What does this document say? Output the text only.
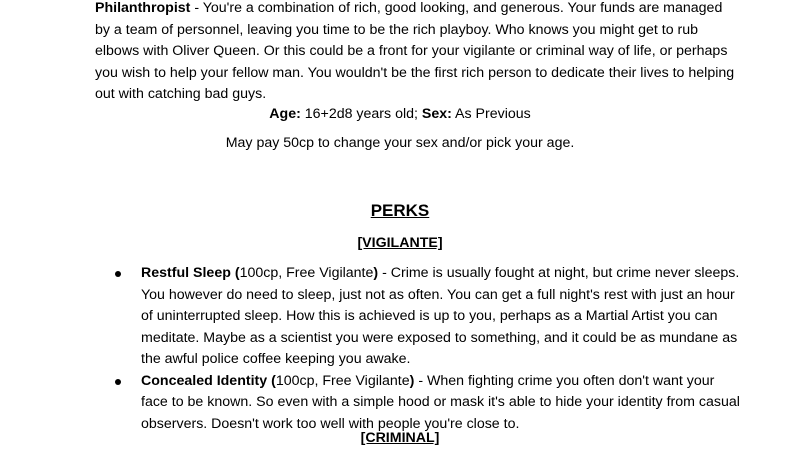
Philanthropist - You're a combination of rich, good looking, and generous. Your funds are managed by a team of personnel, leaving you time to be the rich playboy. Who knows you might get to rub elbows with Oliver Queen. Or this could be a front for your vigilante or criminal way of life, or perhaps you wish to help your fellow man. You wouldn't be the first rich person to dedicate their lives to helping out with catching bad guys.

Age: 16+2d8 years old; Sex: As Previous

May pay 50cp to change your sex and/or pick your age.

PERKS

[VIGILANTE]

Restful Sleep (100cp, Free Vigilante) - Crime is usually fought at night, but crime never sleeps. You however do need to sleep, just not as often. You can get a full night's rest with just an hour of uninterrupted sleep. How this is achieved is up to you, perhaps as a Martial Artist you can meditate. Maybe as a scientist you were exposed to something, and it could be as mundane as the awful police coffee keeping you awake.
Concealed Identity (100cp, Free Vigilante) - When fighting crime you often don't want your face to be known. So even with a simple hood or mask it's able to hide your identity from casual observers. Doesn't work too well with people you're close to.

[CRIMINAL]
